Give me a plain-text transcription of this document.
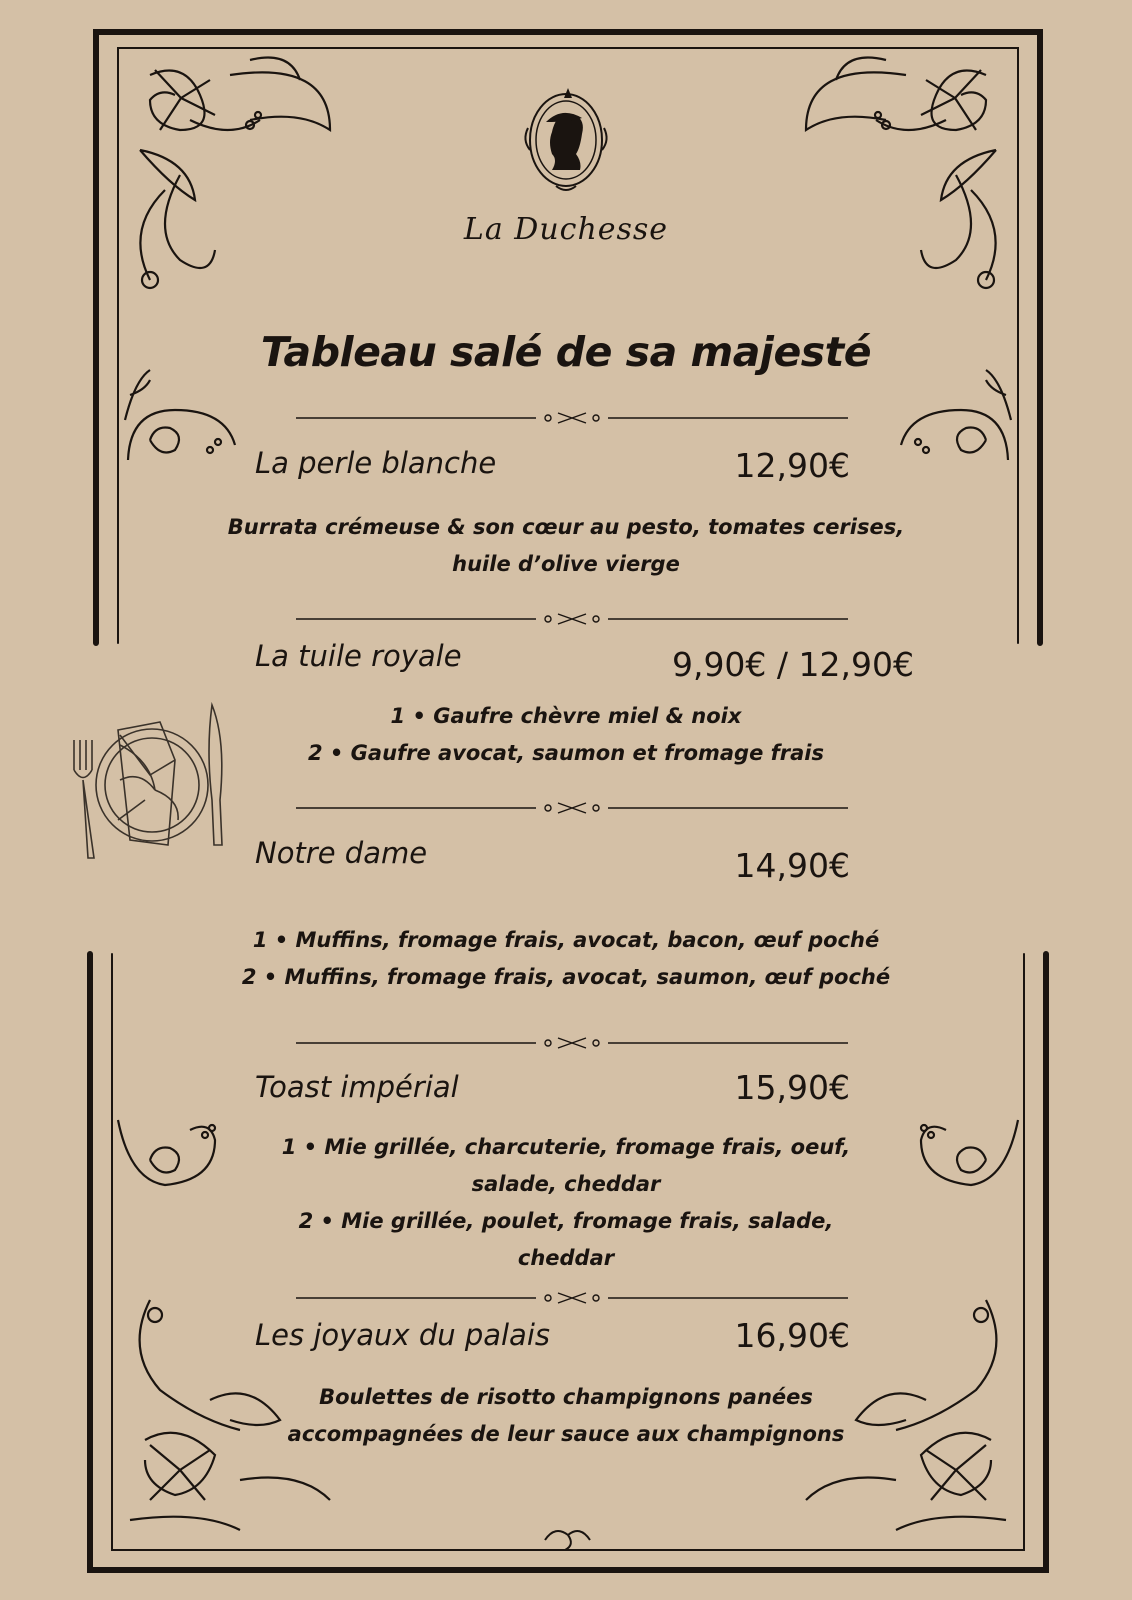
La Duchesse
Tableau salé de sa majesté
La perle blanche	12,90€
Burrata crémeuse & son cœur au pesto, tomates cerises,
huile d’olive vierge
La tuile royale	9,90€ / 12,90€
1 • Gaufre chèvre miel & noix
2 • Gaufre avocat, saumon et fromage frais
Notre dame	14,90€
1 • Muffins, fromage frais, avocat, bacon, œuf poché
2 • Muffins, fromage frais, avocat, saumon, œuf poché
Toast impérial	15,90€
1 • Mie grillée, charcuterie, fromage frais, oeuf,
salade, cheddar
2 • Mie grillée, poulet, fromage frais, salade,
cheddar
Les joyaux du palais	16,90€
Boulettes de risotto champignons panées
accompagnées de leur sauce aux champignons
